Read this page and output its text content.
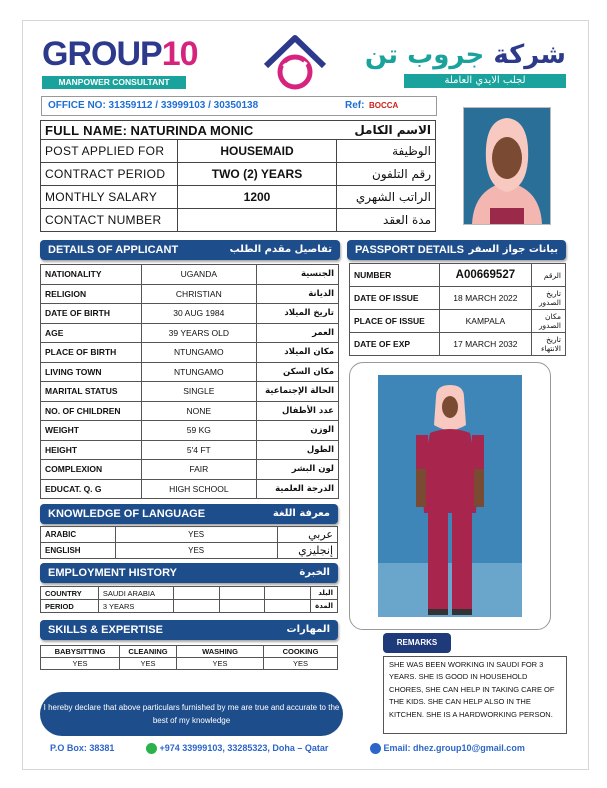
GROUP10
MANPOWER CONSULTANT
شركة جروب تن
لجلب الايدي العاملة
OFFICE NO: 31359112 / 33999103 / 30350138	Ref: BOCCA
FULL NAME: NATURINDA MONIC		الاسم الكامل
POST APPLIED FOR	HOUSEMAID	الوظيفة
CONTRACT PERIOD	TWO (2) YEARS	رقم التلفون
MONTHLY SALARY	1200	الراتب الشهري
CONTACT NUMBER		مدة العقد
DETAILS OF APPLICANT	تفاصيل مقدم الطلب
NATIONALITY	UGANDA	الجنسية
RELIGION	CHRISTIAN	الديانة
DATE OF BIRTH	30 AUG 1984	تاريخ الميلاد
AGE	39 YEARS OLD	العمر
PLACE OF BIRTH	NTUNGAMO	مكان الميلاد
LIVING TOWN	NTUNGAMO	مكان السكن
MARITAL STATUS	SINGLE	الحالة الإجتماعية
NO. OF CHILDREN	NONE	عدد الأطفال
WEIGHT	59 KG	الوزن
HEIGHT	5'4 FT	الطول
COMPLEXION	FAIR	لون البشر
EDUCAT. Q. G	HIGH SCHOOL	الدرجة العلمية
PASSPORT DETAILS بيانات جواز السفر
NUMBER	A00669527	الرقم
DATE OF ISSUE	18 MARCH 2022	تاريخ الصدور
PLACE OF ISSUE	KAMPALA	مكان الصدور
DATE OF EXP	17 MARCH 2032	تاريخ الانتهاء
KNOWLEDGE OF LANGUAGE	معرفة اللغة
ARABIC	YES	عربي
ENGLISH	YES	إنجليزي
EMPLOYMENT HISTORY	الخبرة
COUNTRY	SAUDI ARABIA				البلد
PERIOD	3 YEARS				المدة
SKILLS & EXPERTISE	المهارات
BABYSITTING	CLEANING	WASHING	COOKING
YES	YES	YES	YES
REMARKS
SHE WAS BEEN WORKING IN SAUDI FOR 3 YEARS. SHE IS GOOD IN HOUSEHOLD CHORES, SHE CAN HELP IN TAKING CARE OF THE KIDS. SHE CAN HELP ALSO IN THE KITCHEN. SHE IS A HARDWORKING PERSON.
I hereby declare that above particulars furnished by me are true and accurate to the best of my knowledge
P.O Box: 38381	+974 33999103, 33285323, Doha – Qatar	Email: dhez.group10@gmail.com
